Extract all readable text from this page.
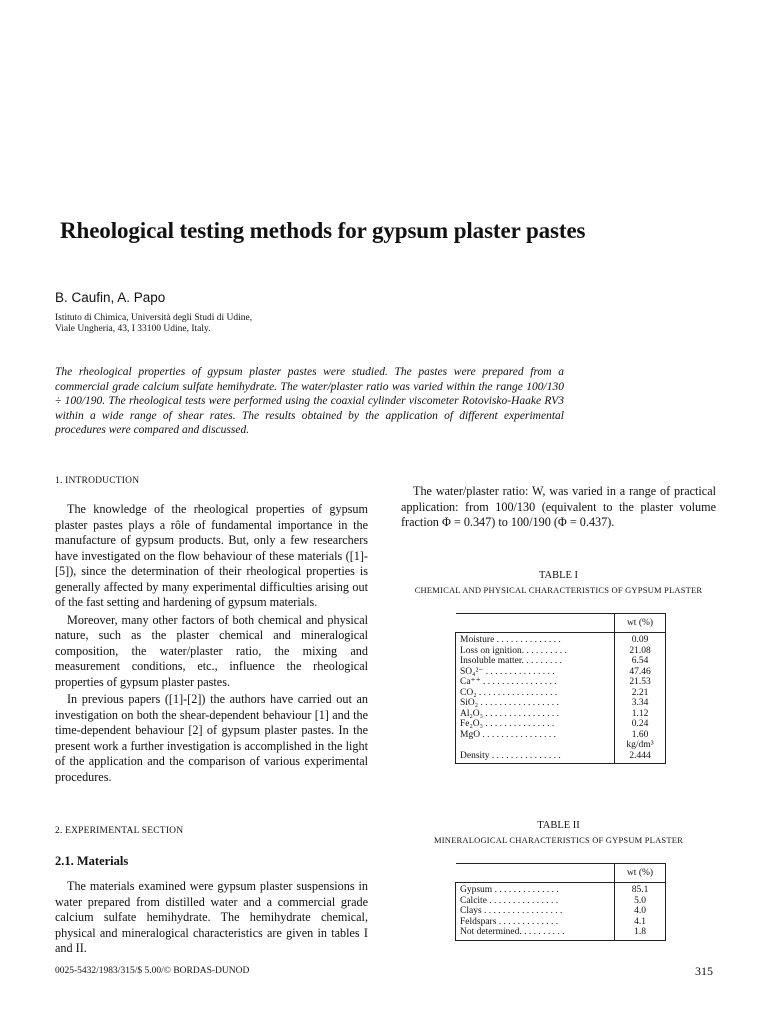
Rheological testing methods for gypsum plaster pastes
B. Caufin, A. Papo
Istituto di Chimica, Università degli Studi di Udine,
Viale Ungheria, 43, I 33100 Udine, Italy.
The rheological properties of gypsum plaster pastes were studied. The pastes were prepared from a commercial grade calcium sulfate hemihydrate. The water/plaster ratio was varied within the range 100/130 ÷ 100/190. The rheological tests were performed using the coaxial cylinder viscometer Rotovisko-Haake RV3 within a wide range of shear rates. The results obtained by the application of different experimental procedures were compared and discussed.
1. INTRODUCTION

The knowledge of the rheological properties of gypsum plaster pastes plays a rôle of fundamental importance in the manufacture of gypsum products. But, only a few researchers have investigated on the flow behaviour of these materials ([1]-[5]), since the determination of their rheological properties is generally affected by many experimental difficulties arising out of the fast setting and hardening of gypsum materials.

Moreover, many other factors of both chemical and physical nature, such as the plaster chemical and mineralogical composition, the water/plaster ratio, the mixing and measurement conditions, etc., influence the rheological properties of gypsum plaster pastes.

In previous papers ([1]-[2]) the authors have carried out an investigation on both the shear-dependent behaviour [1] and the time-dependent behaviour [2] of gypsum plaster pastes. In the present work a further investigation is accomplished in the light of the application and the comparison of various experimental procedures.

2. EXPERIMENTAL SECTION
2.1. Materials

The materials examined were gypsum plaster suspensions in water prepared from distilled water and a commercial grade calcium sulfate hemihydrate. The hemihydrate chemical, physical and mineralogical characteristics are given in tables I and II.

The water/plaster ratio: W, was varied in a range of practical application: from 100/130 (equivalent to the plaster volume fraction Φ = 0.347) to 100/190 (Φ = 0.437).

TABLE I
CHEMICAL AND PHYSICAL CHARACTERISTICS OF GYPSUM PLASTER
	wt (%)
Moisture . . . . . . . . . . . . . .	0.09
Loss on ignition. . . . . . . . . .	21.08
Insoluble matter. . . . . . . . .	6.54
SO₄²⁻ . . . . . . . . . . . . . . .	47.46
Ca⁺⁺ . . . . . . . . . . . . . . . .	21.53
CO₂ . . . . . . . . . . . . . . . . .	2.21
SiO₂ . . . . . . . . . . . . . . . . .	3.34
Al₂O₃ . . . . . . . . . . . . . . . .	1.12
Fe₂O₃ . . . . . . . . . . . . . . .	0.24
MgO . . . . . . . . . . . . . . . .	1.60
	kg/dm³
Density . . . . . . . . . . . . . . .	2.444
TABLE II
MINERALOGICAL CHARACTERISTICS OF GYPSUM PLASTER
	wt (%)
Gypsum . . . . . . . . . . . . . .	85.1
Calcite . . . . . . . . . . . . . . .	5.0
Clays . . . . . . . . . . . . . . . . .	4.0
Feldspars . . . . . . . . . . . . .	4.1
Not determined. . . . . . . . . .	1.8
0025-5432/1983/315/$ 5.00/© BORDAS-DUNOD	315
